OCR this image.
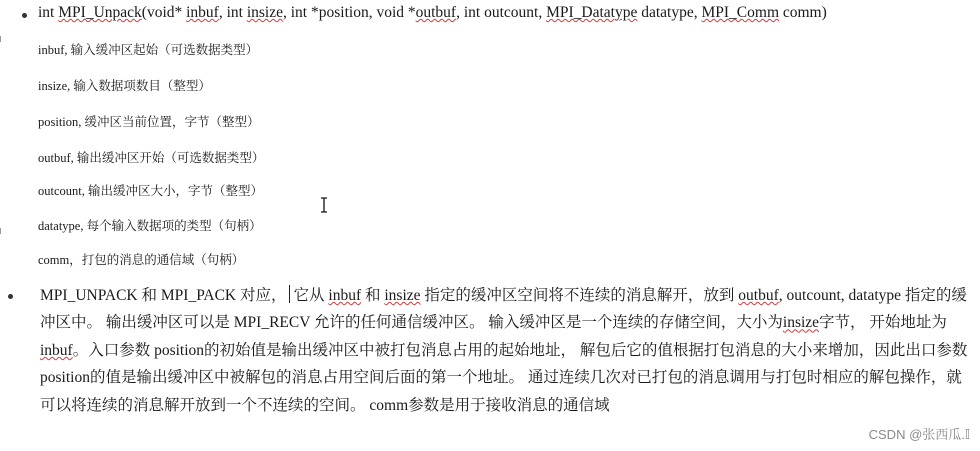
int MPI_Unpack(void* inbuf, int insize, int *position, void *outbuf, int outcount, MPI_Datatype datatype, MPI_Comm comm)
inbuf, 输入缓冲区起始（可选数据类型）
insize, 输入数据项数目（整型）
position, 缓冲区当前位置，字节（整型）
outbuf, 输出缓冲区开始（可选数据类型）
outcount, 输出缓冲区大小，字节（整型）
datatype, 每个输入数据项的类型（句柄）
comm，打包的消息的通信域（句柄）
MPI_UNPACK 和 MPI_PACK 对应， 它从 inbuf 和 insize 指定的缓冲区空间将不连续的消息解开，放到 outbuf, outcount, datatype 指定的缓冲区中。 输出缓冲区可以是 MPI_RECV 允许的任何通信缓冲区。 输入缓冲区是一个连续的存储空间，大小为insize字节， 开始地址为 inbuf。入口参数 position的初始值是输出缓冲区中被打包消息占用的起始地址， 解包后它的值根据打包消息的大小来增加，因此出口参数 position的值是输出缓冲区中被解包的消息占用空间后面的第一个地址。 通过连续几次对已打包的消息调用与打包时相应的解包操作，就可以将连续的消息解开放到一个不连续的空间。 comm参数是用于接收消息的通信域
CSDN @张西瓜.𝕀
